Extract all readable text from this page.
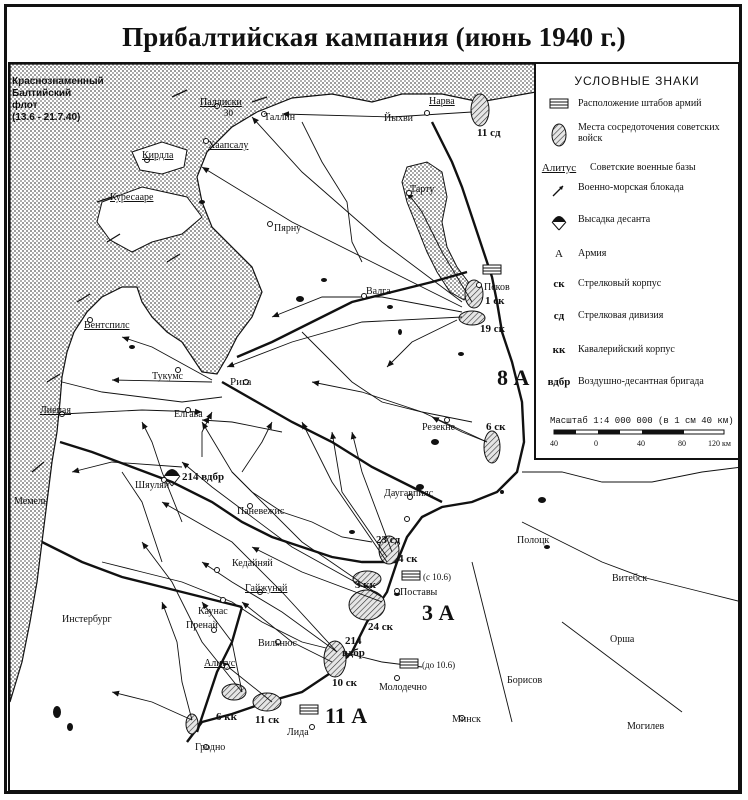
Прибалтийская кампания (июнь 1940 г.)
Палдиски
Таллин
Нарва
Йыхви
Кирдла
Хаапсалу
Куресааре
Пярну
Тарту
Валга	Псков
Вентспилс
Тукумс	Рига
Лиепая	Елгава
Резекне
Шяуляй
Даугавпилс
Паневежис
Мемель
Кедайняй
Гайжунай	Поставы
Полоцк
Витебск
Каунас
Пренай
Инстербург
Вильнюс
Алитус
Молодечно
Борисов
Орша
Минск
Могилев
Лида
Гродно
11 сд
1 ск
19 ск
8 А
6 ск
214 вдбр
23 сд
4 ск
3 кк
(с 10.6)
3 А
24 ск
214
вдбр
10 ск
(до 10.6)
6 кк 11 ск 11 А
30
Краснознаменный
Балтийский
флот
(13.6 - 21.7.40)
УСЛОВНЫЕ ЗНАКИ
Расположение штабов армий
Места сосредоточения советских войск
Алитус	Советские военные базы
Военно-морская блокада
Высадка десанта
А	Армия
ск	Стрелковый корпус
сд	Стрелковая дивизия
кк	Кавалерийский корпус
вдбр Воздушно-десантная бригада
Масштаб 1:4 000 000 (в 1 см 40 км)
40	0	40	80	120 км
